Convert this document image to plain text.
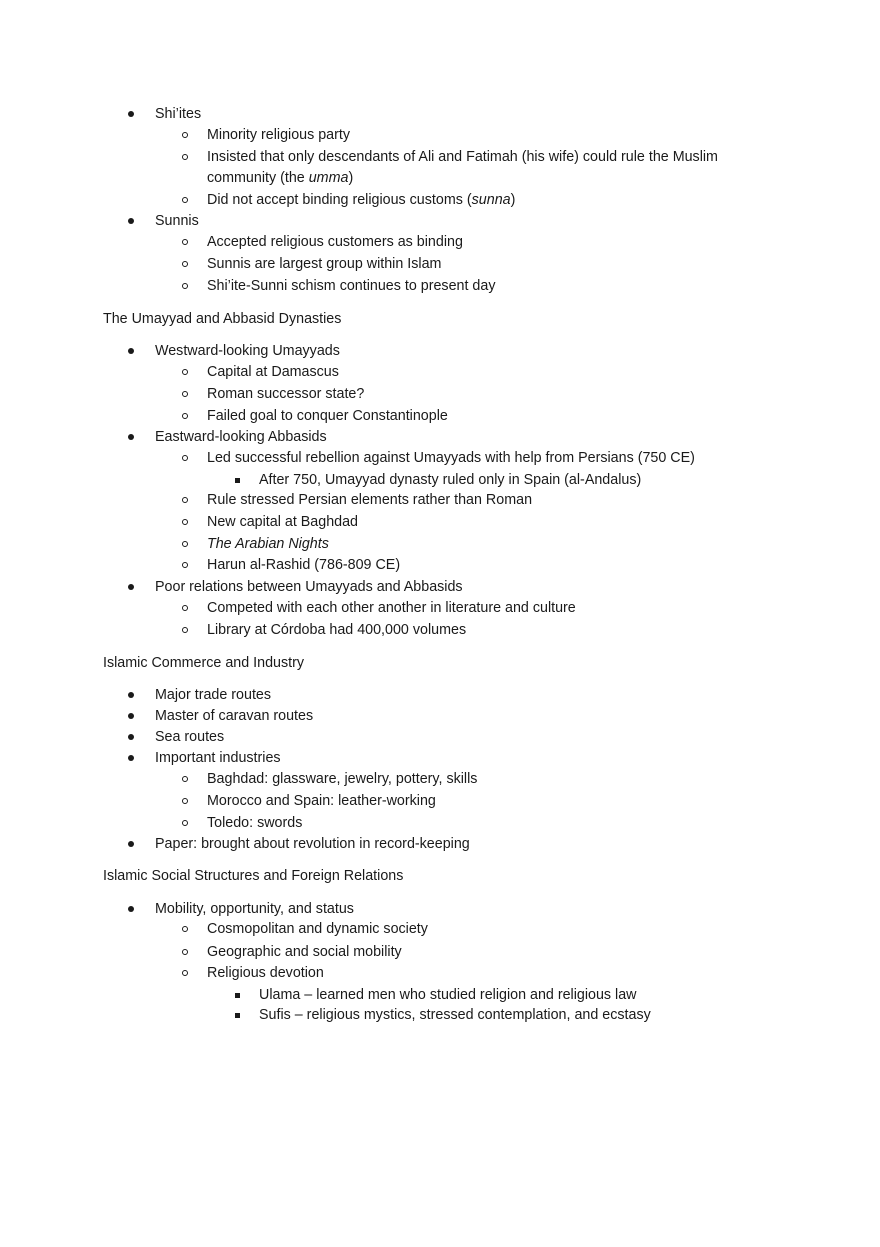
Shi’ites
Minority religious party
Insisted that only descendants of Ali and Fatimah (his wife) could rule the Muslim
community (the umma)
Did not accept binding religious customs (sunna)
Sunnis
Accepted religious customers as binding
Sunnis are largest group within Islam
Shi’ite-Sunni schism continues to present day
The Umayyad and Abbasid Dynasties
Westward-looking Umayyads
Capital at Damascus
Roman successor state?
Failed goal to conquer Constantinople
Eastward-looking Abbasids
Led successful rebellion against Umayyads with help from Persians (750 CE)
After 750, Umayyad dynasty ruled only in Spain (al-Andalus)
Rule stressed Persian elements rather than Roman
New capital at Baghdad
The Arabian Nights
Harun al-Rashid (786-809 CE)
Poor relations between Umayyads and Abbasids
Competed with each other another in literature and culture
Library at Córdoba had 400,000 volumes
Islamic Commerce and Industry
Major trade routes
Master of caravan routes
Sea routes
Important industries
Baghdad: glassware, jewelry, pottery, skills
Morocco and Spain: leather-working
Toledo: swords
Paper: brought about revolution in record-keeping
Islamic Social Structures and Foreign Relations
Mobility, opportunity, and status
Cosmopolitan and dynamic society
Geographic and social mobility
Religious devotion
Ulama – learned men who studied religion and religious law
Sufis – religious mystics, stressed contemplation, and ecstasy
